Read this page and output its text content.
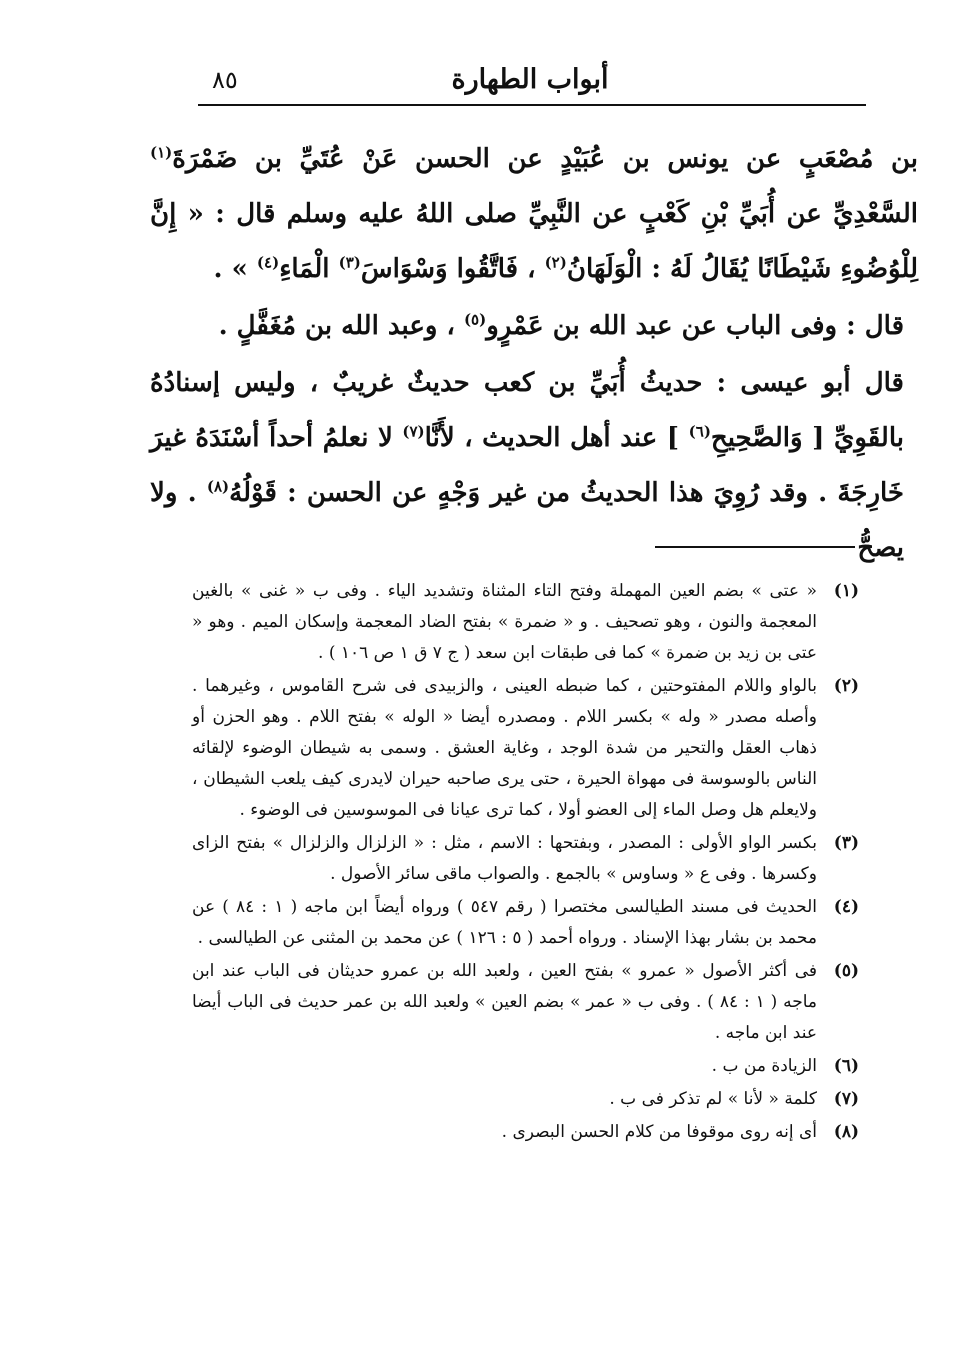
أبواب الطهارة
٨٥

بن مُصْعَبٍ عن يونس بن عُبَيْدٍ عن الحسن عَنْ عُتَيِّ بن ضَمْرَةَ$^{(١)}$ السَّعْدِيِّ عن أُبَيِّ بْنِ كَعْبٍ عن النَّبِيِّ صلى اللهُ عليه وسلم قال : « إِنَّ لِلْوُضُوءِ شَيْطَانًا يُقَالُ لَهُ : الْوَلَهَانُ$^{(٢)}$ ، فَاتَّقُوا وَسْوَاسَ$^{(٣)}$ الْمَاءِ$^{(٤)}$ » .

قال : وفى الباب عن عبد الله بن عَمْرٍو$^{(٥)}$ ، وعبد الله بن مُغَفَّلٍ .

قال أبو عيسى : حديثُ أُبَيِّ بن كعب حديثٌ غريبٌ ، وليس إسنادُهُ بالقَوِيِّ [ وَالصَّحِيحِ$^{(٦)}$ ] عند أهل الحديث ، لأَنَّا$^{(٧)}$ لا نعلمُ أحداً أسْنَدَهُ غيرَ خَارِجَةَ . وقد رُوِيَ هذا الحديثُ من غير وَجْهٍ عن الحسن : قَوْلُهُ$^{(٨)}$ . ولا يصحُّ

(١)
« عتى » بضم العين المهملة وفتح التاء المثناة وتشديد الياء . وفى ب « غنى » بالغين المعجمة والنون ، وهو تصحيف . و « ضمرة » بفتح الضاد المعجمة وإسكان الميم . وهو « عتى بن زيد بن ضمرة » كما فى طبقات ابن سعد ( ج ٧ ق ١ ص ١٠٦ ) .
(٢)
بالواو واللام المفتوحتين ، كما ضبطه العينى ، والزبيدى فى شرح القاموس ، وغيرهما . وأصله مصدر « وله » بكسر اللام . ومصدره أيضا « الوله » بفتح اللام . وهو الحزن أو ذهاب العقل والتحير من شدة الوجد ، وغاية العشق . وسمى به شيطان الوضوء لإلقائه الناس بالوسوسة فى مهواة الحيرة ، حتى يرى صاحبه حيران لايدرى كيف يلعب الشيطان ، ولايعلم هل وصل الماء إلى العضو أولا ، كما ترى عيانا فى الموسوسين فى الوضوء .
(٣)
بكسر الواو الأولى : المصدر ، وبفتحها : الاسم ، مثل : « الزلزال والزلزال » بفتح الزاى وكسرها . وفى ع « وساوس » بالجمع . والصواب ماقى سائر الأصول .
(٤)
الحديث فى مسند الطيالسى مختصرا ( رقم ٥٤٧ ) ورواه أيضاً ابن ماجه ( ١ : ٨٤ ) عن محمد بن بشار بهذا الإسناد . ورواه أحمد ( ٥ : ١٢٦ ) عن محمد بن المثنى عن الطيالسى .
(٥)
فى أكثر الأصول « عمرو » بفتح العين ، ولعبد الله بن عمرو حديثان فى الباب عند ابن ماجه ( ١ : ٨٤ ) . وفى ب « عمر » بضم العين » ولعبد الله بن عمر حديث فى الباب أيضا عند ابن ماجه .
(٦)
الزيادة من ب .
(٧)
كلمة « لأنا » لم تذكر فى ب .
(٨)
أى إنه روى موقوفا من كلام الحسن البصرى .
